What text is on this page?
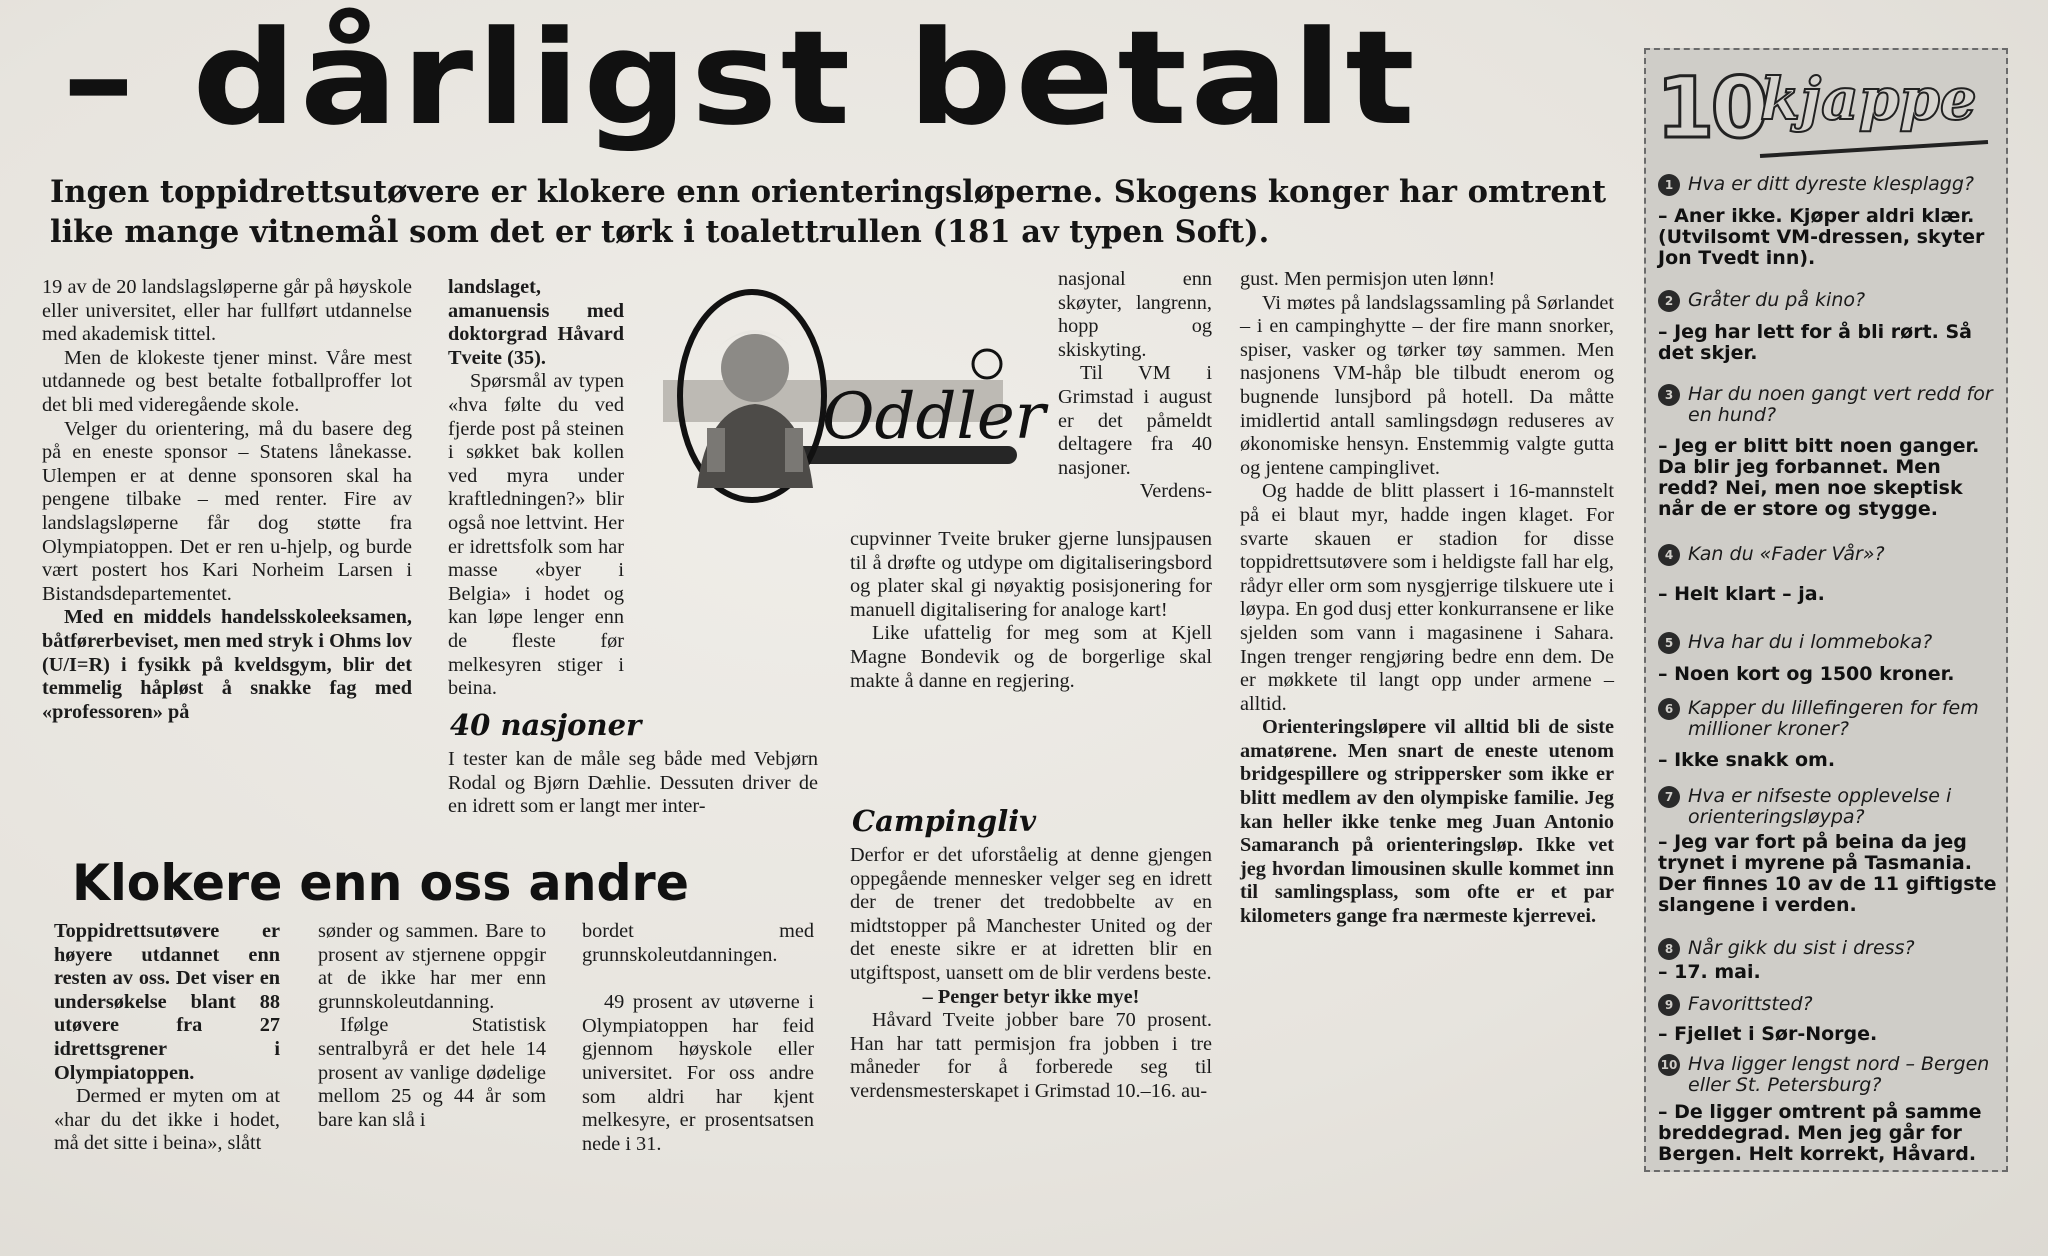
– dårligst betalt
Ingen toppidrettsutøvere er klokere enn orienteringsløperne. Skogens konger har omtrent like mange vitnemål som det er tørk i toalettrullen (181 av typen Soft).

19 av de 20 landslagsløperne går på høyskole eller universitet, eller har fullført utdannelse med akademisk tittel.

Men de klokeste tjener minst. Våre mest utdannede og best betalte fotballproffer lot det bli med videregående skole.

Velger du orientering, må du basere deg på en eneste sponsor – Statens lånekasse. Ulempen er at denne sponsoren skal ha pengene tilbake – med renter. Fire av landslagsløperne får dog støtte fra Olympiatoppen. Det er ren u-hjelp, og burde vært postert hos Kari Norheim Larsen i Bistandsdepartementet.

Med en middels handelsskoleeksamen, båtførerbeviset, men med stryk i Ohms lov (U/I=R) i fysikk på kveldsgym, blir det temmelig håpløst å snakke fag med «professoren» på

landslaget, amanuensis med doktorgrad Håvard Tveite (35).

Spørsmål av typen «hva følte du ved fjerde post på steinen i søkket bak kollen ved myra under kraftledningen?» blir også noe lettvint. Her er idrettsfolk som har masse «byer i Belgia» i hodet og kan løpe lenger enn de fleste før melkesyren stiger i beina.

40 nasjoner

I tester kan de måle seg både med Vebjørn Rodal og Bjørn Dæhlie. Dessuten driver de en idrett som er langt mer inter-

Oddler

nasjonal enn skøyter, langrenn, hopp og skiskyting.

Til VM i Grimstad i august er det påmeldt deltagere fra 40 nasjoner.

Verdens-

cupvinner Tveite bruker gjerne lunsjpausen til å drøfte og utdype om digitaliseringsbord og plater skal gi nøyaktig posisjonering for manuell digitalisering for analoge kart!

Like ufattelig for meg som at Kjell Magne Bondevik og de borgerlige skal makte å danne en regjering.

Campingliv

Derfor er det uforståelig at denne gjengen oppegående mennesker velger seg en idrett der de trener det tredobbelte av en midtstopper på Manchester United og der det eneste sikre er at idretten blir en utgiftspost, uansett om de blir verdens beste.

– Penger betyr ikke mye!

Håvard Tveite jobber bare 70 prosent. Han har tatt permisjon fra jobben i tre måneder for å forberede seg til verdensmesterskapet i Grimstad 10.–16. au-

gust. Men permisjon uten lønn!

Vi møtes på landslagssamling på Sørlandet – i en campinghytte – der fire mann snorker, spiser, vasker og tørker tøy sammen. Men nasjonens VM-håp ble tilbudt enerom og bugnende lunsjbord på hotell. Da måtte imidlertid antall samlingsdøgn reduseres av økonomiske hensyn. Enstemmig valgte gutta og jentene campinglivet.

Og hadde de blitt plassert i 16-mannstelt på ei blaut myr, hadde ingen klaget. For svarte skauen er stadion for disse toppidrettsutøvere som i heldigste fall har elg, rådyr eller orm som nysgjerrige tilskuere ute i løypa. En god dusj etter konkurransene er like sjelden som vann i magasinene i Sahara. Ingen trenger rengjøring bedre enn dem. De er møkkete til langt opp under armene – alltid.

Orienteringsløpere vil alltid bli de siste amatørene. Men snart de eneste utenom bridgespillere og strippersker som ikke er blitt medlem av den olympiske familie. Jeg kan heller ikke tenke meg Juan Antonio Samaranch på orienteringsløp. Ikke vet jeg hvordan limousinen skulle kommet inn til samlingsplass, som ofte er et par kilometers gange fra nærmeste kjerrevei.

Klokere enn oss andre

Toppidrettsutøvere er høyere utdannet enn resten av oss. Det viser en undersøkelse blant 88 utøvere fra 27 idrettsgrener i Olympiatoppen.

Dermed er myten om at «har du det ikke i hodet, må det sitte i beina», slått

sønder og sammen. Bare to prosent av stjernene oppgir at de ikke har mer enn grunnskoleutdanning.

Ifølge Statistisk sentralbyrå er det hele 14 prosent av vanlige dødelige mellom 25 og 44 år som bare kan slå i

bordet med grunnskoleutdanningen.

49 prosent av utøverne i Olympiatoppen har feid gjennom høyskole eller universitet. For oss andre som aldri har kjent melkesyre, er prosentsatsen nede i 31.

10
kjappe
1 Hva er ditt dyreste klesplagg?
– Aner ikke. Kjøper aldri klær. (Utvilsomt VM-dressen, skyter Jon Tvedt inn).
2 Gråter du på kino?
– Jeg har lett for å bli rørt. Så det skjer.
3 Har du noen gangt vert redd for en hund?
– Jeg er blitt bitt noen ganger. Da blir jeg forbannet. Men redd? Nei, men noe skeptisk når de er store og stygge.
4 Kan du «Fader Vår»?
– Helt klart – ja.
5 Hva har du i lommeboka?
– Noen kort og 1500 kroner.
6 Kapper du lillefingeren for fem millioner kroner?
– Ikke snakk om.
7 Hva er nifseste opplevelse i orienteringsløypa?
– Jeg var fort på beina da jeg trynet i myrene på Tasmania. Der finnes 10 av de 11 giftigste slangene i verden.
8 Når gikk du sist i dress?
– 17. mai.
9 Favorittsted?
– Fjellet i Sør-Norge.
10 Hva ligger lengst nord – Bergen eller St. Petersburg?
– De ligger omtrent på samme breddegrad. Men jeg går for Bergen. Helt korrekt, Håvard.
